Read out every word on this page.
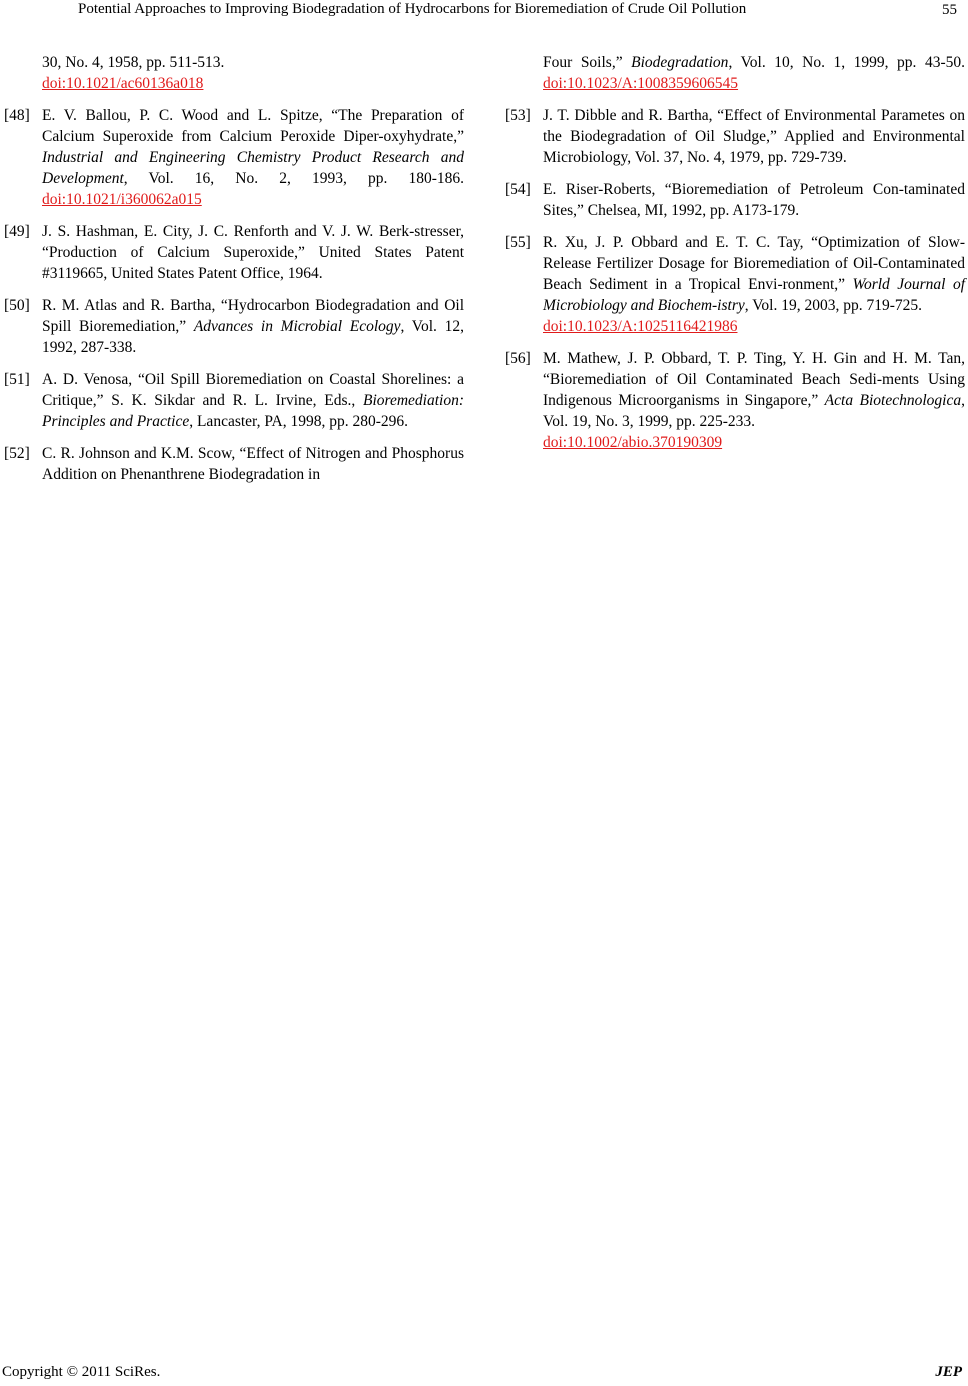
Potential Approaches to Improving Biodegradation of Hydrocarbons for Bioremediation of Crude Oil Pollution	55
30, No. 4, 1958, pp. 511-513.
doi:10.1021/ac60136a018
[48] E. V. Ballou, P. C. Wood and L. Spitze, “The Preparation of Calcium Superoxide from Calcium Peroxide Diper-oxyhydrate,” Industrial and Engineering Chemistry Product Research and Development, Vol. 16, No. 2, 1993, pp. 180-186. doi:10.1021/i360062a015
[49] J. S. Hashman, E. City, J. C. Renforth and V. J. W. Berk-stresser, “Production of Calcium Superoxide,” United States Patent #3119665, United States Patent Office, 1964.
[50] R. M. Atlas and R. Bartha, “Hydrocarbon Biodegradation and Oil Spill Bioremediation,” Advances in Microbial Ecology, Vol. 12, 1992, 287-338.
[51] A. D. Venosa, “Oil Spill Bioremediation on Coastal Shorelines: a Critique,” S. K. Sikdar and R. L. Irvine, Eds., Bioremediation: Principles and Practice, Lancaster, PA, 1998, pp. 280-296.
[52] C. R. Johnson and K.M. Scow, “Effect of Nitrogen and Phosphorus Addition on Phenanthrene Biodegradation in
Four Soils,” Biodegradation, Vol. 10, No. 1, 1999, pp. 43-50. doi:10.1023/A:1008359606545
[53] J. T. Dibble and R. Bartha, “Effect of Environmental Parametes on the Biodegradation of Oil Sludge,” Applied and Environmental Microbiology, Vol. 37, No. 4, 1979, pp. 729-739.
[54] E. Riser-Roberts, “Bioremediation of Petroleum Con-taminated Sites,” Chelsea, MI, 1992, pp. A173-179.
[55] R. Xu, J. P. Obbard and E. T. C. Tay, “Optimization of Slow-Release Fertilizer Dosage for Bioremediation of Oil-Contaminated Beach Sediment in a Tropical Envi-ronment,” World Journal of Microbiology and Biochem-istry, Vol. 19, 2003, pp. 719-725.
doi:10.1023/A:1025116421986
[56] M. Mathew, J. P. Obbard, T. P. Ting, Y. H. Gin and H. M. Tan, “Bioremediation of Oil Contaminated Beach Sedi-ments Using Indigenous Microorganisms in Singapore,” Acta Biotechnologica, Vol. 19, No. 3, 1999, pp. 225-233.
doi:10.1002/abio.370190309
Copyright © 2011 SciRes.	JEP
